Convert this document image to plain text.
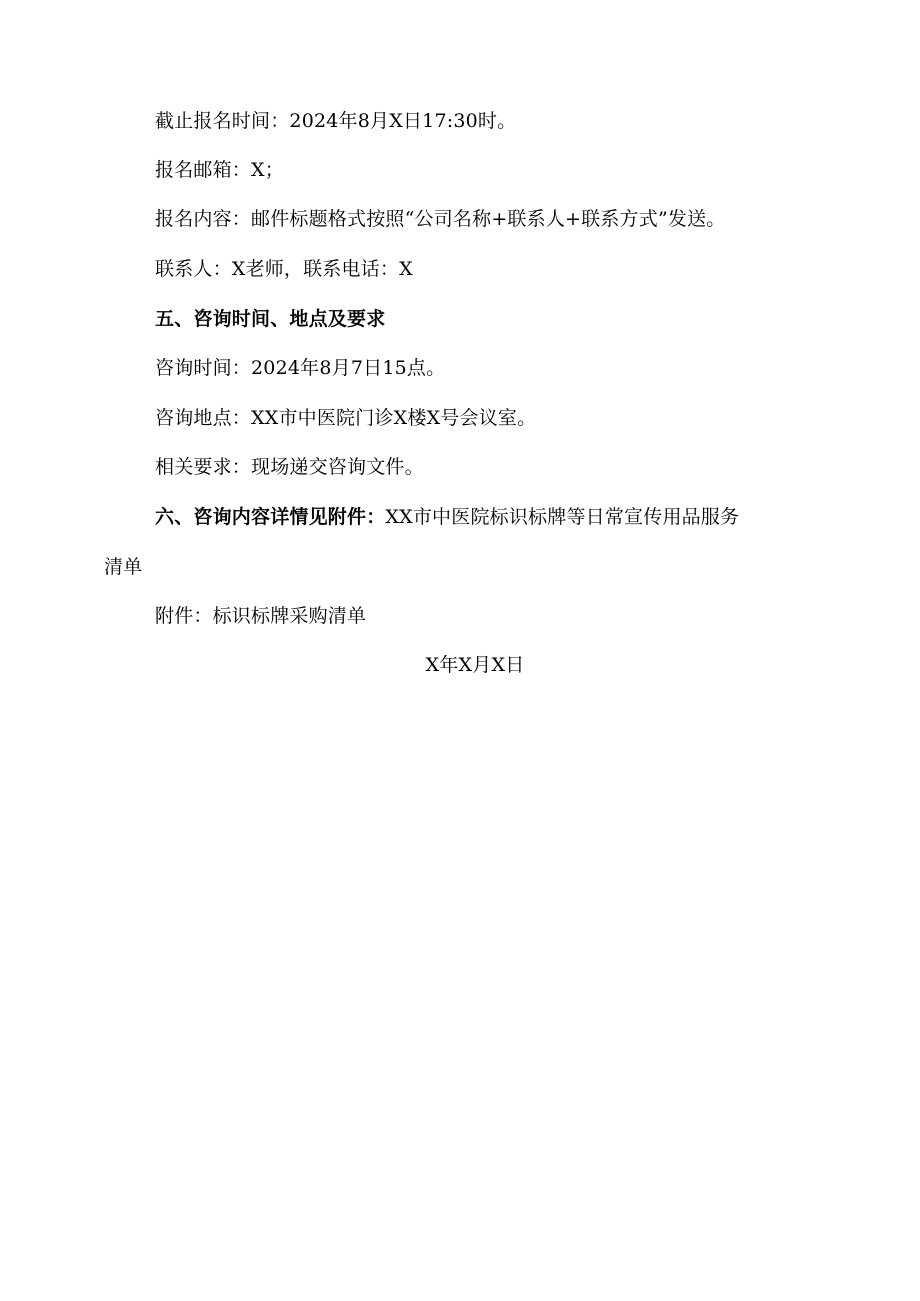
截止报名时间：2024年8月X日17:30时。
报名邮箱：X；
报名内容：邮件标题格式按照“公司名称+联系人+联系方式”发送。
联系人：X老师，联系电话：X
五、咨询时间、地点及要求
咨询时间：2024年8月7日15点。
咨询地点：XX市中医院门诊X楼X号会议室。
相关要求：现场递交咨询文件。
六、咨询内容详情见附件：XX市中医院标识标牌等日常宣传用品服务
清单
附件：标识标牌采购清单
X年X月X日
